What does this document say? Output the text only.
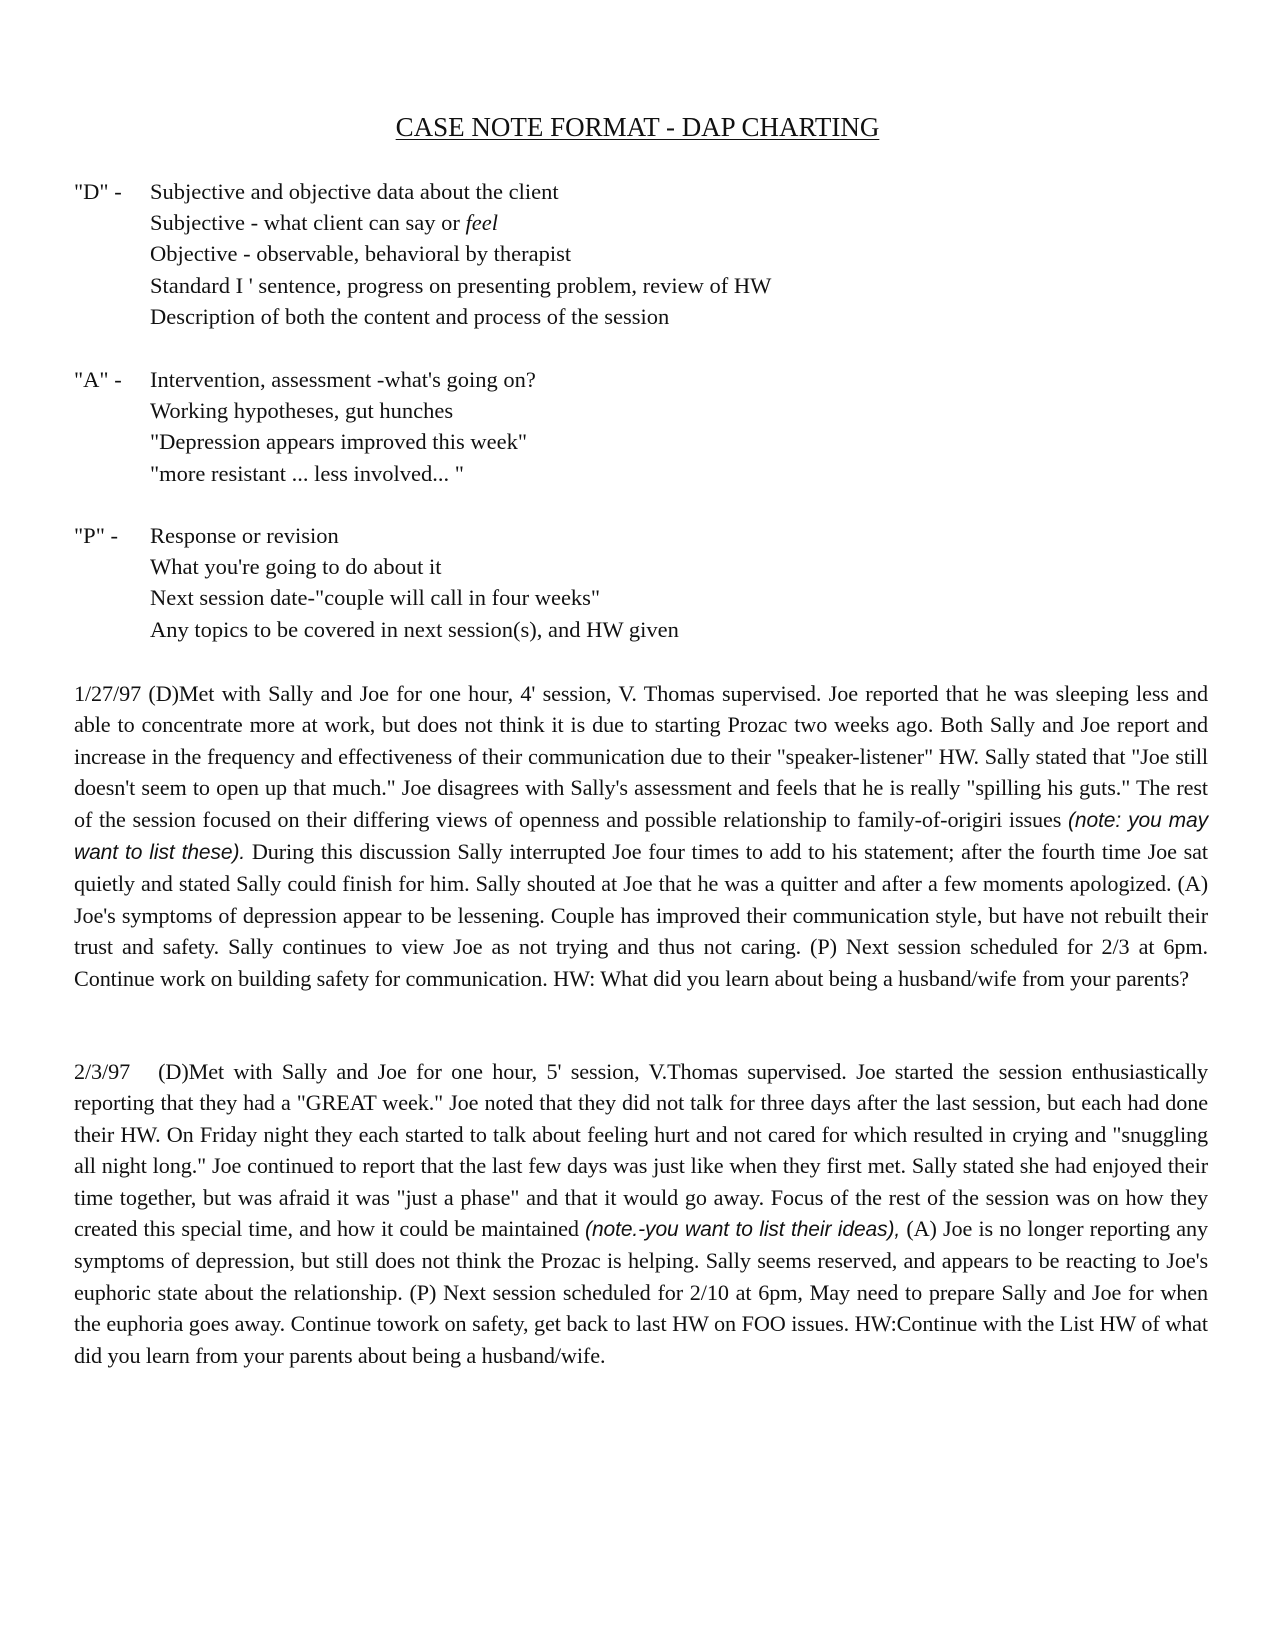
CASE NOTE FORMAT - DAP CHARTING
"D" -	Subjective and objective data about the client
Subjective - what client can say or feel
Objective - observable, behavioral by therapist
Standard I ' sentence, progress on presenting problem, review of HW
Description of both the content and process of the session
"A" -	Intervention, assessment -what's going on?
Working hypotheses, gut hunches
"Depression appears improved this week"
"more resistant ... less involved... "
"P" -	Response or revision
What you're going to do about it
Next session date-"couple will call in four weeks"
Any topics to be covered in next session(s), and HW given
1/27/97 (D)Met with Sally and Joe for one hour, 4' session, V. Thomas supervised. Joe reported that he was sleeping less and able to concentrate more at work, but does not think it is due to starting Prozac two weeks ago. Both Sally and Joe report and increase in the frequency and effectiveness of their communication due to their "speaker-listener" HW. Sally stated that "Joe still doesn't seem to open up that much." Joe disagrees with Sally's assessment and feels that he is really "spilling his guts." The rest of the session focused on their differing views of openness and possible relationship to family-of-origiri issues (note: you may want to list these). During this discussion Sally interrupted Joe four times to add to his statement; after the fourth time Joe sat quietly and stated Sally could finish for him. Sally shouted at Joe that he was a quitter and after a few moments apologized. (A) Joe's symptoms of depression appear to be lessening. Couple has improved their communication style, but have not rebuilt their trust and safety. Sally continues to view Joe as not trying and thus not caring. (P) Next session scheduled for 2/3 at 6pm. Continue work on building safety for communication. HW: What did you learn about being a husband/wife from your parents?
2/3/97 (D)Met with Sally and Joe for one hour, 5' session, V.Thomas supervised. Joe started the session enthusiastically reporting that they had a "GREAT week." Joe noted that they did not talk for three days after the last session, but each had done their HW. On Friday night they each started to talk about feeling hurt and not cared for which resulted in crying and "snuggling all night long." Joe continued to report that the last few days was just like when they first met. Sally stated she had enjoyed their time together, but was afraid it was "just a phase" and that it would go away. Focus of the rest of the session was on how they created this special time, and how it could be maintained (note.-you want to list their ideas), (A) Joe is no longer reporting any symptoms of depression, but still does not think the Prozac is helping. Sally seems reserved, and appears to be reacting to Joe's euphoric state about the relationship. (P) Next session scheduled for 2/10 at 6pm, May need to prepare Sally and Joe for when the euphoria goes away. Continue towork on safety, get back to last HW on FOO issues. HW:Continue with the List HW of what did you learn from your parents about being a husband/wife.
